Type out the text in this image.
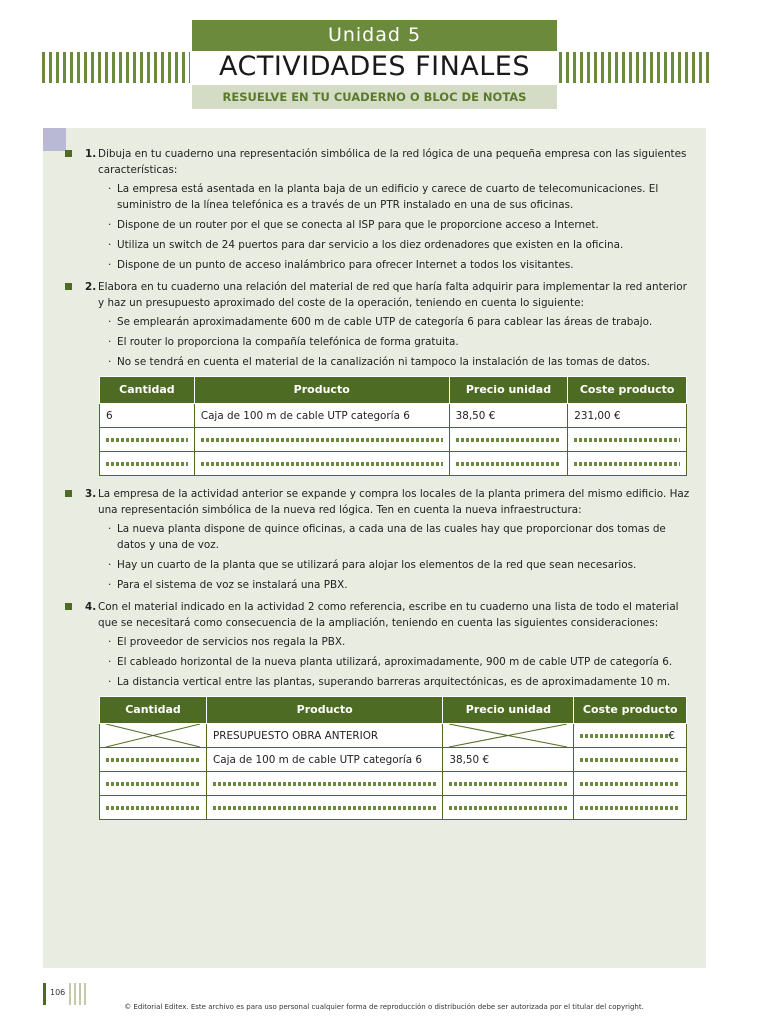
Unidad 5
ACTIVIDADES FINALES
RESUELVE EN TU CUADERNO O BLOC DE NOTAS
1. Dibuja en tu cuaderno una representación simbólica de la red lógica de una pequeña empresa con las siguientes características:
· La empresa está asentada en la planta baja de un edificio y carece de cuarto de telecomunicaciones. El suministro de la línea telefónica es a través de un PTR instalado en una de sus oficinas.
· Dispone de un router por el que se conecta al ISP para que le proporcione acceso a Internet.
· Utiliza un switch de 24 puertos para dar servicio a los diez ordenadores que existen en la oficina.
· Dispone de un punto de acceso inalámbrico para ofrecer Internet a todos los visitantes.
2. Elabora en tu cuaderno una relación del material de red que haría falta adquirir para implementar la red anterior y haz un presupuesto aproximado del coste de la operación, teniendo en cuenta lo siguiente:
· Se emplearán aproximadamente 600 m de cable UTP de categoría 6 para cablear las áreas de trabajo.
· El router lo proporciona la compañía telefónica de forma gratuita.
· No se tendrá en cuenta el material de la canalización ni tampoco la instalación de las tomas de datos.
Cantidad	Producto	Precio unidad	Coste producto
6	Caja de 100 m de cable UTP categoría 6	38,50 €	231,00 €

3. La empresa de la actividad anterior se expande y compra los locales de la planta primera del mismo edificio. Haz una representación simbólica de la nueva red lógica. Ten en cuenta la nueva infraestructura:
· La nueva planta dispone de quince oficinas, a cada una de las cuales hay que proporcionar dos tomas de datos y una de voz.
· Hay un cuarto de la planta que se utilizará para alojar los elementos de la red que sean necesarios.
· Para el sistema de voz se instalará una PBX.
4. Con el material indicado en la actividad 2 como referencia, escribe en tu cuaderno una lista de todo el material que se necesitará como consecuencia de la ampliación, teniendo en cuenta las siguientes consideraciones:
· El proveedor de servicios nos regala la PBX.
· El cableado horizontal de la nueva planta utilizará, aproximadamente, 900 m de cable UTP de categoría 6.
· La distancia vertical entre las plantas, superando barreras arquitectónicas, es de aproximadamente 10 m.
Cantidad	Producto	Precio unidad	Coste producto

	PRESUPUESTO OBRA ANTERIOR		€
	Caja de 100 m de cable UTP categoría 6	38,50 €	

106
© Editorial Editex. Este archivo es para uso personal cualquier forma de reproducción o distribución debe ser autorizada por el titular del copyright.
